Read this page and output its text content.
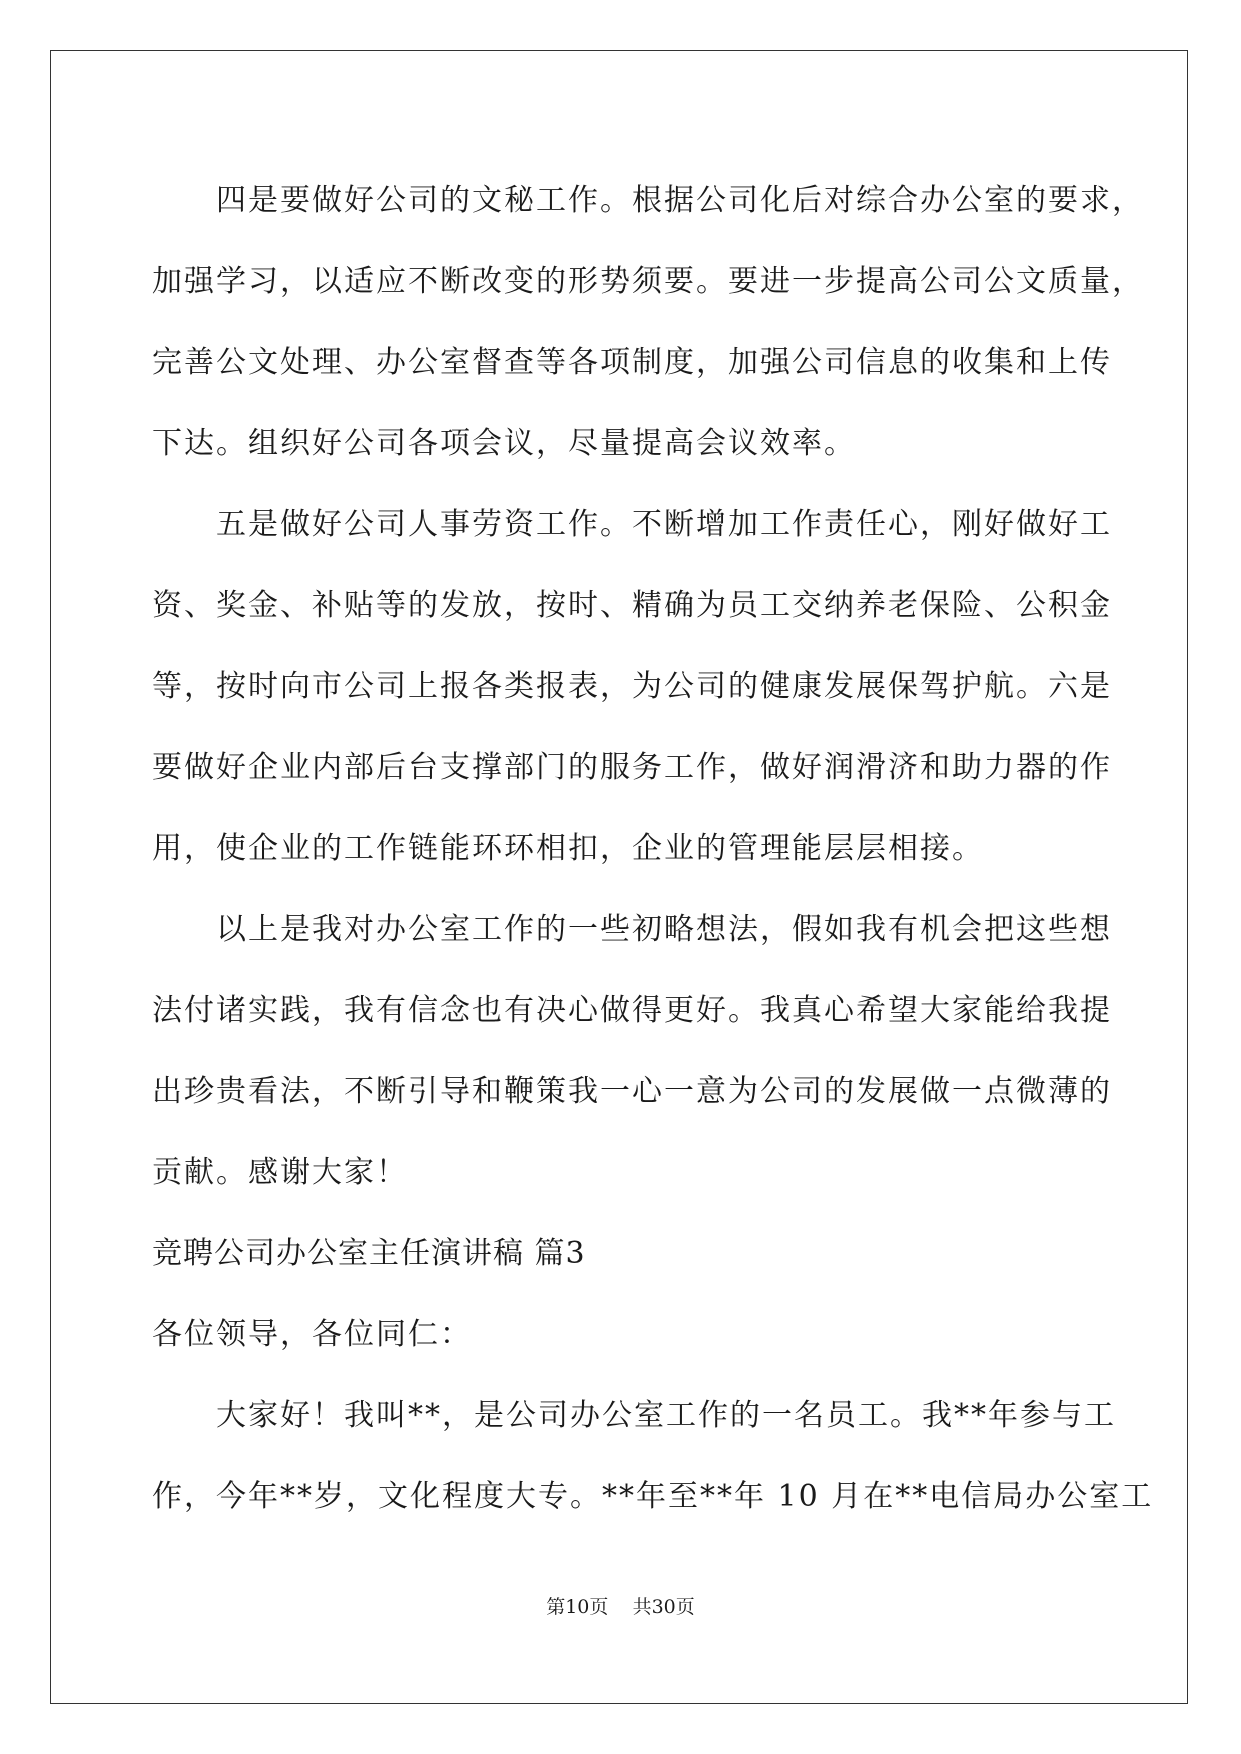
四是要做好公司的文秘工作。根据公司化后对综合办公室的要求，
加强学习，以适应不断改变的形势须要。要进一步提高公司公文质量，
完善公文处理、办公室督查等各项制度，加强公司信息的收集和上传
下达。组织好公司各项会议，尽量提高会议效率。
五是做好公司人事劳资工作。不断增加工作责任心，刚好做好工
资、奖金、补贴等的发放，按时、精确为员工交纳养老保险、公积金
等，按时向市公司上报各类报表，为公司的健康发展保驾护航。六是
要做好企业内部后台支撑部门的服务工作，做好润滑济和助力器的作
用，使企业的工作链能环环相扣，企业的管理能层层相接。
以上是我对办公室工作的一些初略想法，假如我有机会把这些想
法付诸实践，我有信念也有决心做得更好。我真心希望大家能给我提
出珍贵看法，不断引导和鞭策我一心一意为公司的发展做一点微薄的
贡献。感谢大家！
竞聘公司办公室主任演讲稿 篇3
各位领导，各位同仁：
大家好！我叫**，是公司办公室工作的一名员工。我**年参与工
作，今年**岁，文化程度大专。**年至**年 10 月在**电信局办公室工
第10页 共30页
